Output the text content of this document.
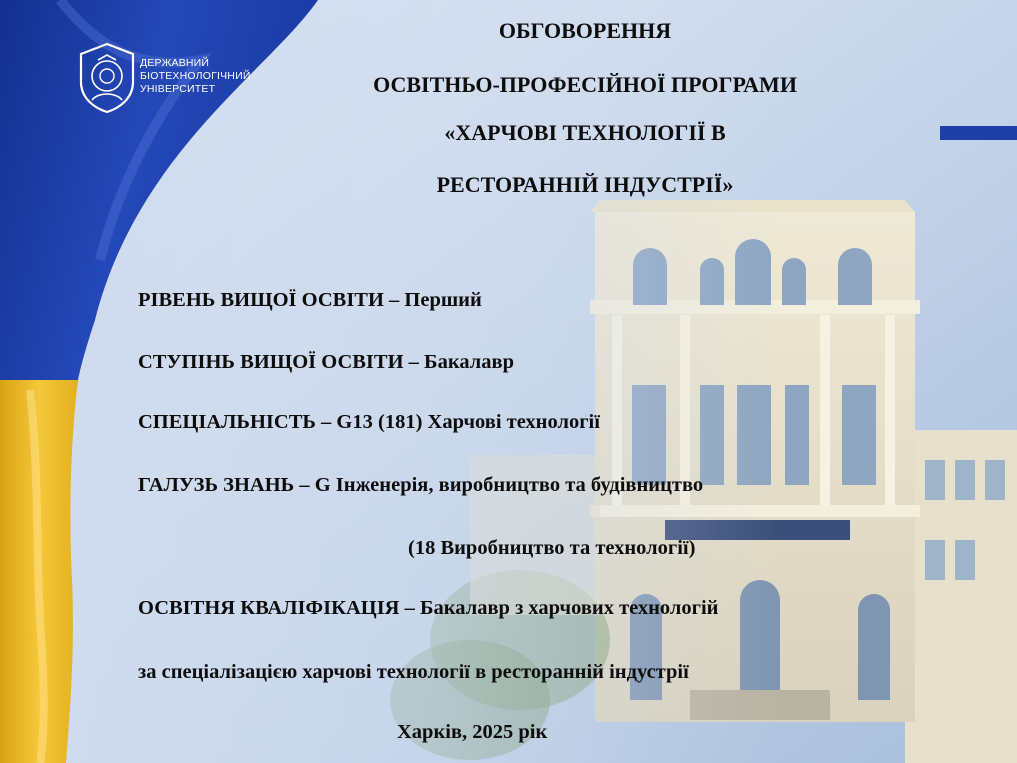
ДЕРЖАВНИЙ
БІОТЕХНОЛОГІЧНИЙ
УНІВЕРСИТЕТ
ОБГОВОРЕННЯ
ОСВІТНЬО-ПРОФЕСІЙНОЇ ПРОГРАМИ
«ХАРЧОВІ ТЕХНОЛОГІЇ В
РЕСТОРАННІЙ ІНДУСТРІЇ»
РІВЕНЬ ВИЩОЇ ОСВІТИ – Перший
СТУПІНЬ ВИЩОЇ ОСВІТИ – Бакалавр
СПЕЦІАЛЬНІСТЬ – G13 (181) Харчові технології
ГАЛУЗЬ ЗНАНЬ – G Інженерія, виробництво та будівництво
(18 Виробництво та технології)
ОСВІТНЯ КВАЛІФІКАЦІЯ – Бакалавр з харчових технологій
за спеціалізацією харчові технології в ресторанній індустрії
Харків, 2025 рік
